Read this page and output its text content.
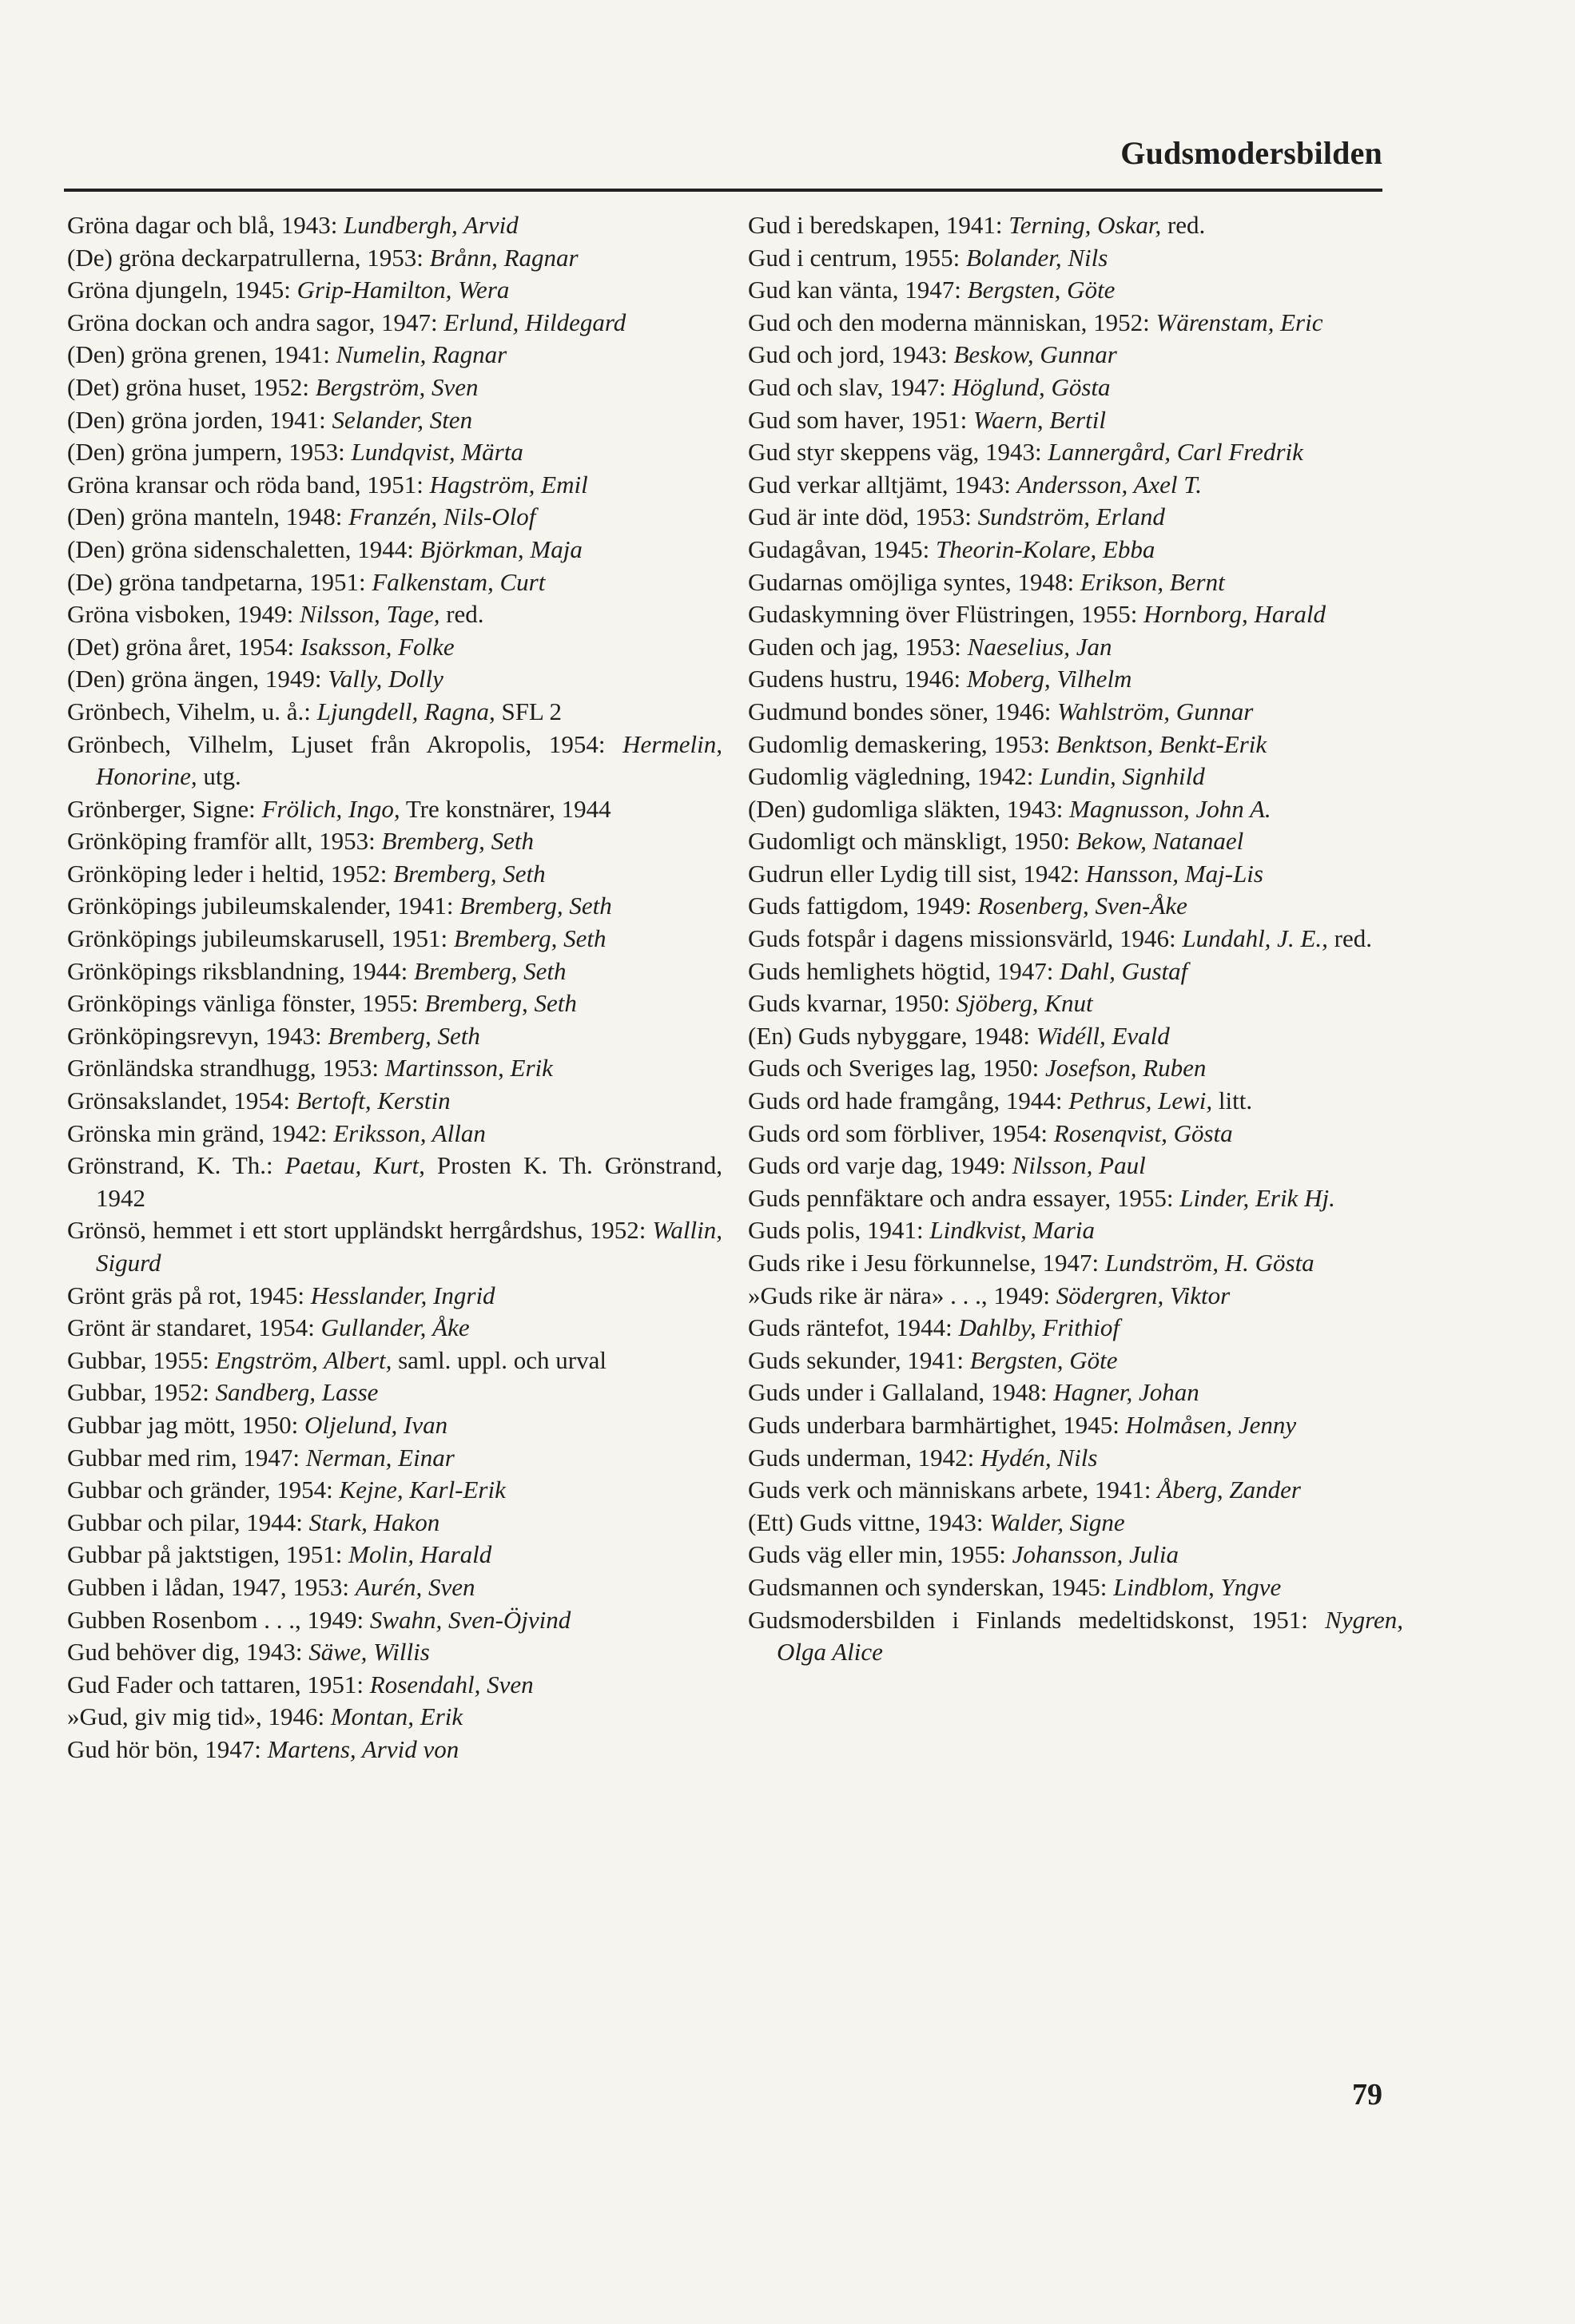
Gudsmodersbilden
Gröna dagar och blå, 1943: Lundbergh, Arvid
(De) gröna deckarpatrullerna, 1953: Brånn, Ragnar
Gröna djungeln, 1945: Grip-Hamilton, Wera
Gröna dockan och andra sagor, 1947: Erlund, Hildegard
(Den) gröna grenen, 1941: Numelin, Ragnar
(Det) gröna huset, 1952: Bergström, Sven
(Den) gröna jorden, 1941: Selander, Sten
(Den) gröna jumpern, 1953: Lundqvist, Märta
Gröna kransar och röda band, 1951: Hagström, Emil
(Den) gröna manteln, 1948: Franzén, Nils-Olof
(Den) gröna sidenschaletten, 1944: Björkman, Maja
(De) gröna tandpetarna, 1951: Falkenstam, Curt
Gröna visboken, 1949: Nilsson, Tage, red.
(Det) gröna året, 1954: Isaksson, Folke
(Den) gröna ängen, 1949: Vally, Dolly
Grönbech, Vihelm, u. å.: Ljungdell, Ragna, SFL 2
Grönbech, Vilhelm, Ljuset från Akropolis, 1954: Hermelin, Honorine, utg.
Grönberger, Signe: Frölich, Ingo, Tre konstnärer, 1944
Grönköping framför allt, 1953: Bremberg, Seth
Grönköping leder i heltid, 1952: Bremberg, Seth
Grönköpings jubileumskalender, 1941: Bremberg, Seth
Grönköpings jubileumskarusell, 1951: Bremberg, Seth
Grönköpings riksblandning, 1944: Bremberg, Seth
Grönköpings vänliga fönster, 1955: Bremberg, Seth
Grönköpingsrevyn, 1943: Bremberg, Seth
Grönländska strandhugg, 1953: Martinsson, Erik
Grönsakslandet, 1954: Bertoft, Kerstin
Grönska min gränd, 1942: Eriksson, Allan
Grönstrand, K. Th.: Paetau, Kurt, Prosten K. Th. Grönstrand, 1942
Grönsö, hemmet i ett stort uppländskt herrgårdshus, 1952: Wallin, Sigurd
Grönt gräs på rot, 1945: Hesslander, Ingrid
Grönt är standaret, 1954: Gullander, Åke
Gubbar, 1955: Engström, Albert, saml. uppl. och urval
Gubbar, 1952: Sandberg, Lasse
Gubbar jag mött, 1950: Oljelund, Ivan
Gubbar med rim, 1947: Nerman, Einar
Gubbar och gränder, 1954: Kejne, Karl-Erik
Gubbar och pilar, 1944: Stark, Hakon
Gubbar på jaktstigen, 1951: Molin, Harald
Gubben i lådan, 1947, 1953: Aurén, Sven
Gubben Rosenbom . . ., 1949: Swahn, Sven-Öjvind
Gud behöver dig, 1943: Säwe, Willis
Gud Fader och tattaren, 1951: Rosendahl, Sven
»Gud, giv mig tid», 1946: Montan, Erik
Gud hör bön, 1947: Martens, Arvid von
Gud i beredskapen, 1941: Terning, Oskar, red.
Gud i centrum, 1955: Bolander, Nils
Gud kan vänta, 1947: Bergsten, Göte
Gud och den moderna människan, 1952: Wärenstam, Eric
Gud och jord, 1943: Beskow, Gunnar
Gud och slav, 1947: Höglund, Gösta
Gud som haver, 1951: Waern, Bertil
Gud styr skeppens väg, 1943: Lannergård, Carl Fredrik
Gud verkar alltjämt, 1943: Andersson, Axel T.
Gud är inte död, 1953: Sundström, Erland
Gudagåvan, 1945: Theorin-Kolare, Ebba
Gudarnas omöjliga syntes, 1948: Erikson, Bernt
Gudaskymning över Flüstringen, 1955: Hornborg, Harald
Guden och jag, 1953: Naeselius, Jan
Gudens hustru, 1946: Moberg, Vilhelm
Gudmund bondes söner, 1946: Wahlström, Gunnar
Gudomlig demaskering, 1953: Benktson, Benkt-Erik
Gudomlig vägledning, 1942: Lundin, Signhild
(Den) gudomliga släkten, 1943: Magnusson, John A.
Gudomligt och mänskligt, 1950: Bekow, Natanael
Gudrun eller Lydig till sist, 1942: Hansson, Maj-Lis
Guds fattigdom, 1949: Rosenberg, Sven-Åke
Guds fotspår i dagens missionsvärld, 1946: Lundahl, J. E., red.
Guds hemlighets högtid, 1947: Dahl, Gustaf
Guds kvarnar, 1950: Sjöberg, Knut
(En) Guds nybyggare, 1948: Widéll, Evald
Guds och Sveriges lag, 1950: Josefson, Ruben
Guds ord hade framgång, 1944: Pethrus, Lewi, litt.
Guds ord som förbliver, 1954: Rosenqvist, Gösta
Guds ord varje dag, 1949: Nilsson, Paul
Guds pennfäktare och andra essayer, 1955: Linder, Erik Hj.
Guds polis, 1941: Lindkvist, Maria
Guds rike i Jesu förkunnelse, 1947: Lundström, H. Gösta
»Guds rike är nära» . . ., 1949: Södergren, Viktor
Guds räntefot, 1944: Dahlby, Frithiof
Guds sekunder, 1941: Bergsten, Göte
Guds under i Gallaland, 1948: Hagner, Johan
Guds underbara barmhärtighet, 1945: Holmåsen, Jenny
Guds underman, 1942: Hydén, Nils
Guds verk och människans arbete, 1941: Åberg, Zander
(Ett) Guds vittne, 1943: Walder, Signe
Guds väg eller min, 1955: Johansson, Julia
Gudsmannen och synderskan, 1945: Lindblom, Yngve
Gudsmodersbilden i Finlands medeltidskonst, 1951: Nygren, Olga Alice
79
